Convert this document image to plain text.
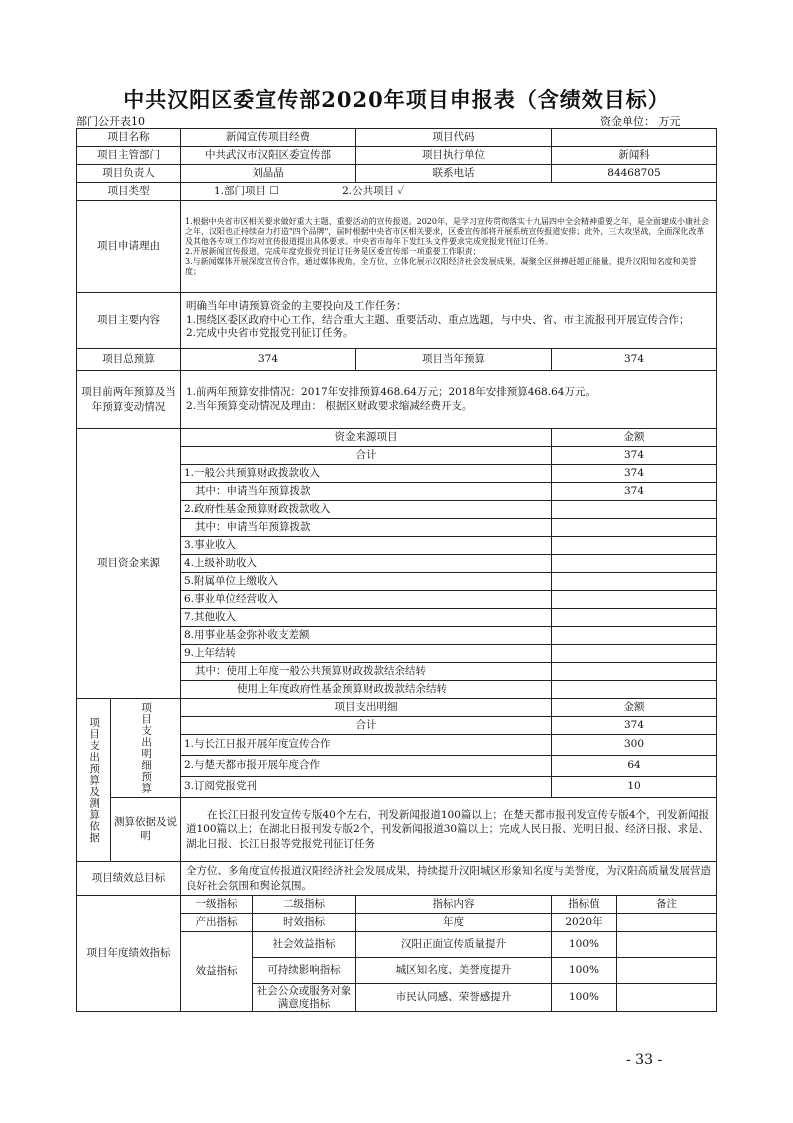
中共汉阳区委宣传部2020年项目申报表（含绩效目标）
部门公开表10	资金单位： 万元
项目名称		新闻宣传项目经费		项目代码		
项目主管部门		中共武汉市汉阳区委宣传部		项目执行单位	新闻科	
项目负责人		刘晶晶		联系电话	84468705	
项目类型		1.部门项目 ☐ 2.公共项目 ✓				
项目申请理由		1.根据中央省市区相关要求做好重大主题、重要活动的宣传报道。2020年，是学习宣传贯彻落实十九届四中全会精神重要之年，是全面建成小康社会之年，汉阳也正持续奋力打造"四个品牌"，届时根据中央省市区相关要求，区委宣传部将开展系统宣传报道安排；此外，三大攻坚战，全面深化改革及其他各专项工作均对宣传报道提出具体要求。中央省市每年下发红头文件要求完成党报党刊征订任务。
2.开展新闻宣传报道，完成年度党报党刊征订任务是区委宣传部一项重要工作职责；
3.与新闻媒体开展深度宣传合作，通过媒体视角，全方位、立体化展示汉阳经济社会发展成果，凝聚全区拼搏赶超正能量，提升汉阳知名度和美誉度；				

项目主要内容		明确当年申请预算资金的主要投向及工作任务：
1.围绕区委区政府中心工作，结合重大主题、重要活动、重点选题，与中央、省、市主流报刊开展宣传合作；
2.完成中央省市党报党刊征订任务。				

项目总预算		374		项目当年预算	374	
项目前两年预算及当年预算变动情况		1.前两年预算安排情况：2017年安排预算468.64万元；2018年安排预算468.64万元。
2.当年预算变动情况及理由： 根据区财政要求缩减经费开支。				

项目资金来源		资金来源项目			金额	
		合计			374	
		1.一般公共预算财政拨款收入			374	
		其中：申请当年预算拨款			374	
		2.政府性基金预算财政拨款收入				
		其中：申请当年预算拨款				
		3.事业收入				
		4.上级补助收入				
		5.附属单位上缴收入				
		6.事业单位经营收入				
		7.其他收入				
		8.用事业基金弥补收支差额				
		9.上年结转				
		其中：使用上年度一般公共预算财政拨款结余结转				
		使用上年度政府性基金预算财政拨款结余结转				
项目支出预算及测算依据	项目支出明细预算	项目支出明细			金额	
		合计			374	
		1.与长江日报开展年度宣传合作			300	
		2.与楚天都市报开展年度合作			64	
		3.订阅党报党刊			10	
	测算依据及说明	在长江日报刊发宣传专版40个左右，刊发新闻报道100篇以上；在楚天都市报刊发宣传专版4个，刊发新闻报道100篇以上；在湖北日报刊发专版2个，刊发新闻报道30篇以上；完成人民日报、光明日报、经济日报、求是、湖北日报、长江日报等党报党刊征订任务				
项目绩效总目标		全方位、多角度宣传报道汉阳经济社会发展成果，持续提升汉阳城区形象知名度与美誉度，为汉阳高质量发展营造良好社会氛围和舆论氛围。				
项目年度绩效指标		一级指标	二级指标	指标内容	指标值	备注
		产出指标	时效指标	年度	2020年	
		效益指标	社会效益指标	汉阳正面宣传质量提升	100%	
			可持续影响指标	城区知名度、美誉度提升	100%	
			社会公众或服务对象满意度指标	市民认同感、荣誉感提升	100%	
- 33 -
